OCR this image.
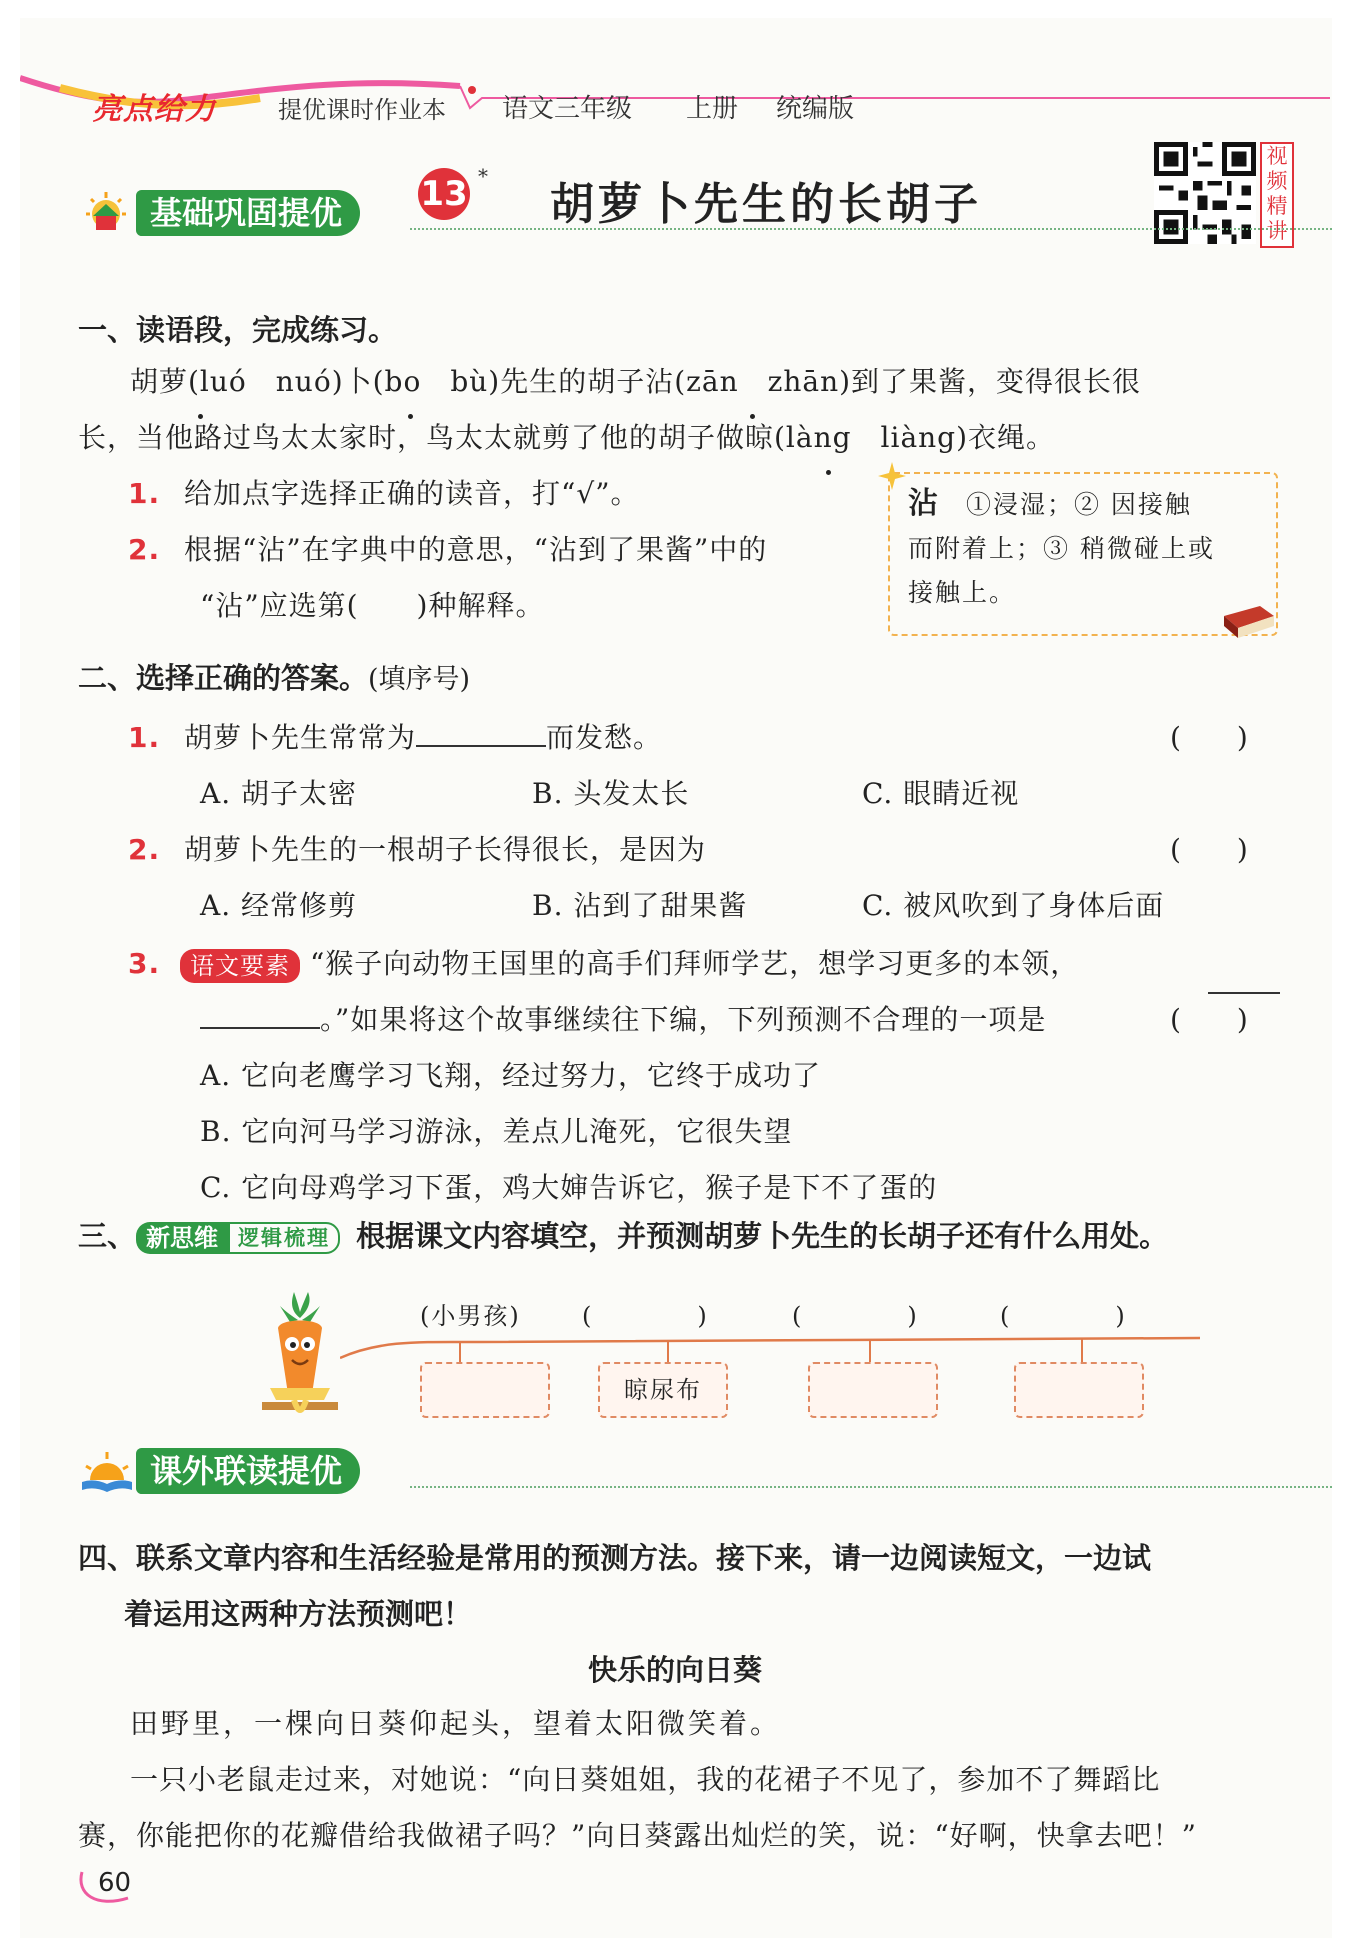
亮点给力	提优课时作业本 语文三年级 上册 统编版
13 *
胡萝卜先生的长胡子
视频精讲
基础巩固提优
一、读语段，完成练习。
胡萝(luó　nuó)卜(bo　bù)先生的胡子沾(zān　zhān)到了果酱，变得很长很
长，当他路过鸟太太家时，鸟太太就剪了他的胡子做晾(làng　liàng)衣绳。
1. 给加点字选择正确的读音，打“√”。
2. 根据“沾”在字典中的意思，“沾到了果酱”中的
“沾”应选第(　　)种解释。
沾 ①浸湿；② 因接触
而附着上；③ 稍微碰上或
接触上。
二、选择正确的答案。(填序号)
1. 胡萝卜先生常常为	而发愁。	(　　)
A. 胡子太密	B. 头发太长	C. 眼睛近视
2. 胡萝卜先生的一根胡子长得很长，是因为	(　　)
A. 经常修剪	B. 沾到了甜果酱	C. 被风吹到了身体后面
3. 语文要素 “猴子向动物王国里的高手们拜师学艺，想学习更多的本领，
。”如果将这个故事继续往下编，下列预测不合理的一项是	(　　)
A. 它向老鹰学习飞翔，经过努力，它终于成功了
B. 它向河马学习游泳，差点儿淹死，它很失望
C. 它向母鸡学习下蛋，鸡大婶告诉它，猴子是下不了蛋的
三、 新思维 逻辑梳理 根据课文内容填空，并预测胡萝卜先生的长胡子还有什么用处。
(小男孩)	(　　　　)	(　　　　)	(　　　　)
晾尿布
课外联读提优
四、联系文章内容和生活经验是常用的预测方法。接下来，请一边阅读短文，一边试
着运用这两种方法预测吧！
快乐的向日葵
田野里，一棵向日葵仰起头，望着太阳微笑着。
一只小老鼠走过来，对她说：“向日葵姐姐，我的花裙子不见了，参加不了舞蹈比
赛，你能把你的花瓣借给我做裙子吗？”向日葵露出灿烂的笑，说：“好啊，快拿去吧！”
60
